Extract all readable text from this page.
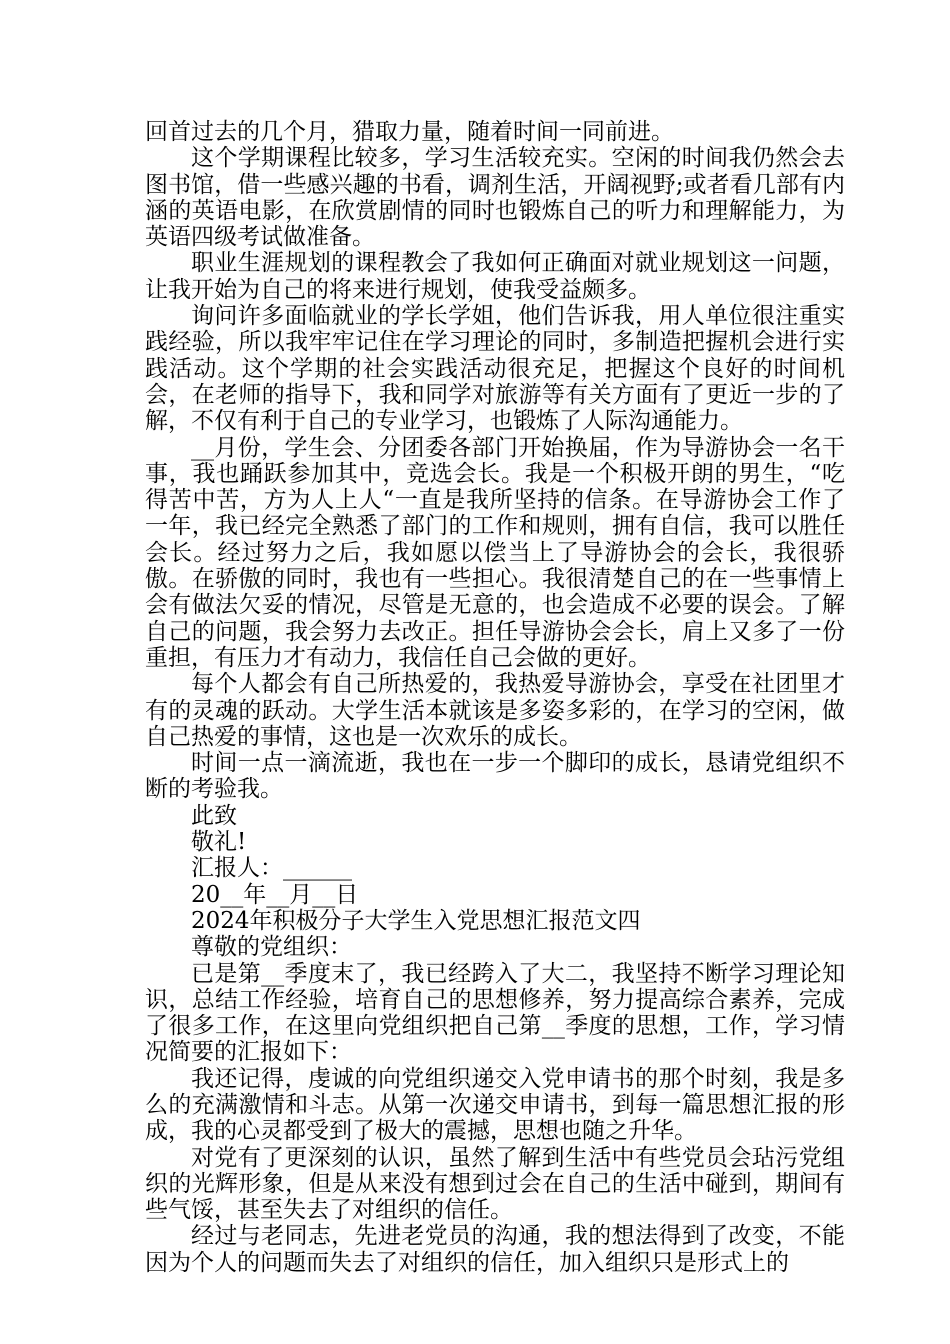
回首过去的几个月，猎取力量，随着时间一同前进。

这个学期课程比较多，学习生活较充实。空闲的时间我仍然会去图书馆，借一些感兴趣的书看，调剂生活，开阔视野;或者看几部有内涵的英语电影，在欣赏剧情的同时也锻炼自己的听力和理解能力，为英语四级考试做准备。

职业生涯规划的课程教会了我如何正确面对就业规划这一问题，让我开始为自己的将来进行规划，使我受益颇多。

询问许多面临就业的学长学姐，他们告诉我，用人单位很注重实践经验，所以我牢牢记住在学习理论的同时，多制造把握机会进行实践活动。这个学期的社会实践活动很充足，把握这个良好的时间机会，在老师的指导下，我和同学对旅游等有关方面有了更近一步的了解，不仅有利于自己的专业学习，也锻炼了人际沟通能力。

__月份，学生会、分团委各部门开始换届，作为导游协会一名干事，我也踊跃参加其中，竞选会长。我是一个积极开朗的男生，“吃得苦中苦，方为人上人“一直是我所坚持的信条。在导游协会工作了一年，我已经完全熟悉了部门的工作和规则，拥有自信，我可以胜任会长。经过努力之后，我如愿以偿当上了导游协会的会长，我很骄傲。在骄傲的同时，我也有一些担心。我很清楚自己的在一些事情上会有做法欠妥的情况，尽管是无意的，也会造成不必要的误会。了解自己的问题，我会努力去改正。担任导游协会会长，肩上又多了一份重担，有压力才有动力，我信任自己会做的更好。

每个人都会有自己所热爱的，我热爱导游协会，享受在社团里才有的灵魂的跃动。大学生活本就该是多姿多彩的，在学习的空闲，做自己热爱的事情，这也是一次欢乐的成长。

时间一点一滴流逝，我也在一步一个脚印的成长，恳请党组织不断的考验我。

此致

敬礼!

汇报人：______

20__年__月__日

2024年积极分子大学生入党思想汇报范文四

尊敬的党组织：

已是第__季度末了，我已经跨入了大二，我坚持不断学习理论知识，总结工作经验，培育自己的思想修养，努力提高综合素养，完成了很多工作，在这里向党组织把自己第__季度的思想，工作，学习情况简要的汇报如下：

我还记得，虔诚的向党组织递交入党申请书的那个时刻，我是多么的充满激情和斗志。从第一次递交申请书，到每一篇思想汇报的形成，我的心灵都受到了极大的震撼，思想也随之升华。

对党有了更深刻的认识，虽然了解到生活中有些党员会玷污党组织的光辉形象，但是从来没有想到过会在自己的生活中碰到，期间有些气馁，甚至失去了对组织的信任。

经过与老同志，先进老党员的沟通，我的想法得到了改变，不能因为个人的问题而失去了对组织的信任，加入组织只是形式上的
